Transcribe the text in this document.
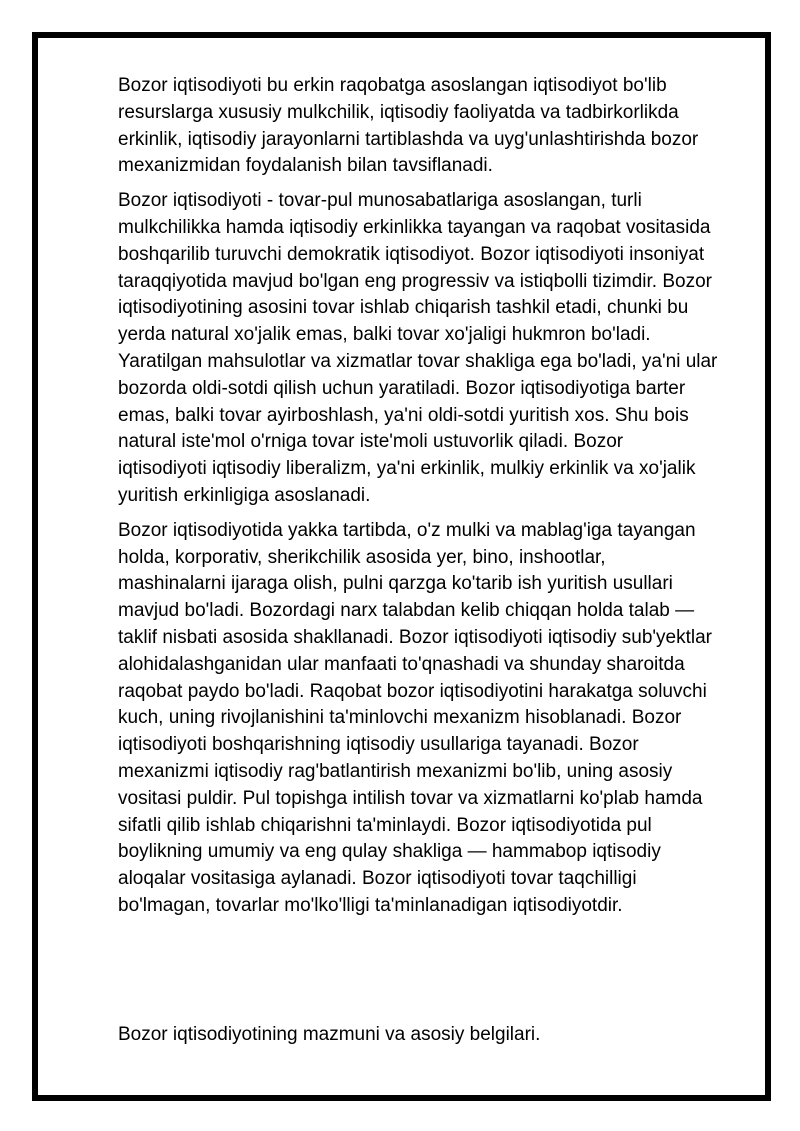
Bozor iqtisodiyoti bu erkin raqobatga asoslangan iqtisodiyot bo'lib
resurslarga xususiy mulkchilik, iqtisodiy faoliyatda va tadbirkorlikda
erkinlik, iqtisodiy jarayonlarni tartiblashda va uyg'unlashtirishda bozor
mexanizmidan foydalanish bilan tavsiflanadi.

Bozor iqtisodiyoti - tovar-pul munosabatlariga asoslangan, turli
mulkchilikka hamda iqtisodiy erkinlikka tayangan va raqobat vositasida
boshqarilib turuvchi demokratik iqtisodiyot. Bozor iqtisodiyoti insoniyat
taraqqiyotida mavjud bo'lgan eng progressiv va istiqbolli tizimdir. Bozor
iqtisodiyotining asosini tovar ishlab chiqarish tashkil etadi, chunki bu
yerda natural xo'jalik emas, balki tovar xo'jaligi hukmron bo'ladi.
Yaratilgan mahsulotlar va xizmatlar tovar shakliga ega bo'ladi, ya'ni ular
bozorda oldi-sotdi qilish uchun yaratiladi. Bozor iqtisodiyotiga barter
emas, balki tovar ayirboshlash, ya'ni oldi-sotdi yuritish xos. Shu bois
natural iste'mol o'rniga tovar iste'moli ustuvorlik qiladi. Bozor
iqtisodiyoti iqtisodiy liberalizm, ya'ni erkinlik, mulkiy erkinlik va xo'jalik
yuritish erkinligiga asoslanadi.

Bozor iqtisodiyotida yakka tartibda, o'z mulki va mablag'iga tayangan
holda, korporativ, sherikchilik asosida yer, bino, inshootlar,
mashinalarni ijaraga olish, pulni qarzga ko'tarib ish yuritish usullari
mavjud bo'ladi. Bozordagi narx talabdan kelib chiqqan holda talab —
taklif nisbati asosida shakllanadi. Bozor iqtisodiyoti iqtisodiy sub'yektlar
alohidalashganidan ular manfaati to'qnashadi va shunday sharoitda
raqobat paydo bo'ladi. Raqobat bozor iqtisodiyotini harakatga soluvchi
kuch, uning rivojlanishini ta'minlovchi mexanizm hisoblanadi. Bozor
iqtisodiyoti boshqarishning iqtisodiy usullariga tayanadi. Bozor
mexanizmi iqtisodiy rag'batlantirish mexanizmi bo'lib, uning asosiy
vositasi puldir. Pul topishga intilish tovar va xizmatlarni ko'plab hamda
sifatli qilib ishlab chiqarishni ta'minlaydi. Bozor iqtisodiyotida pul
boylikning umumiy va eng qulay shakliga — hammabop iqtisodiy
aloqalar vositasiga aylanadi. Bozor iqtisodiyoti tovar taqchilligi
bo'lmagan, tovarlar mo'lko'lligi ta'minlanadigan iqtisodiyotdir.

Bozor iqtisodiyotining mazmuni va asosiy belgilari.
